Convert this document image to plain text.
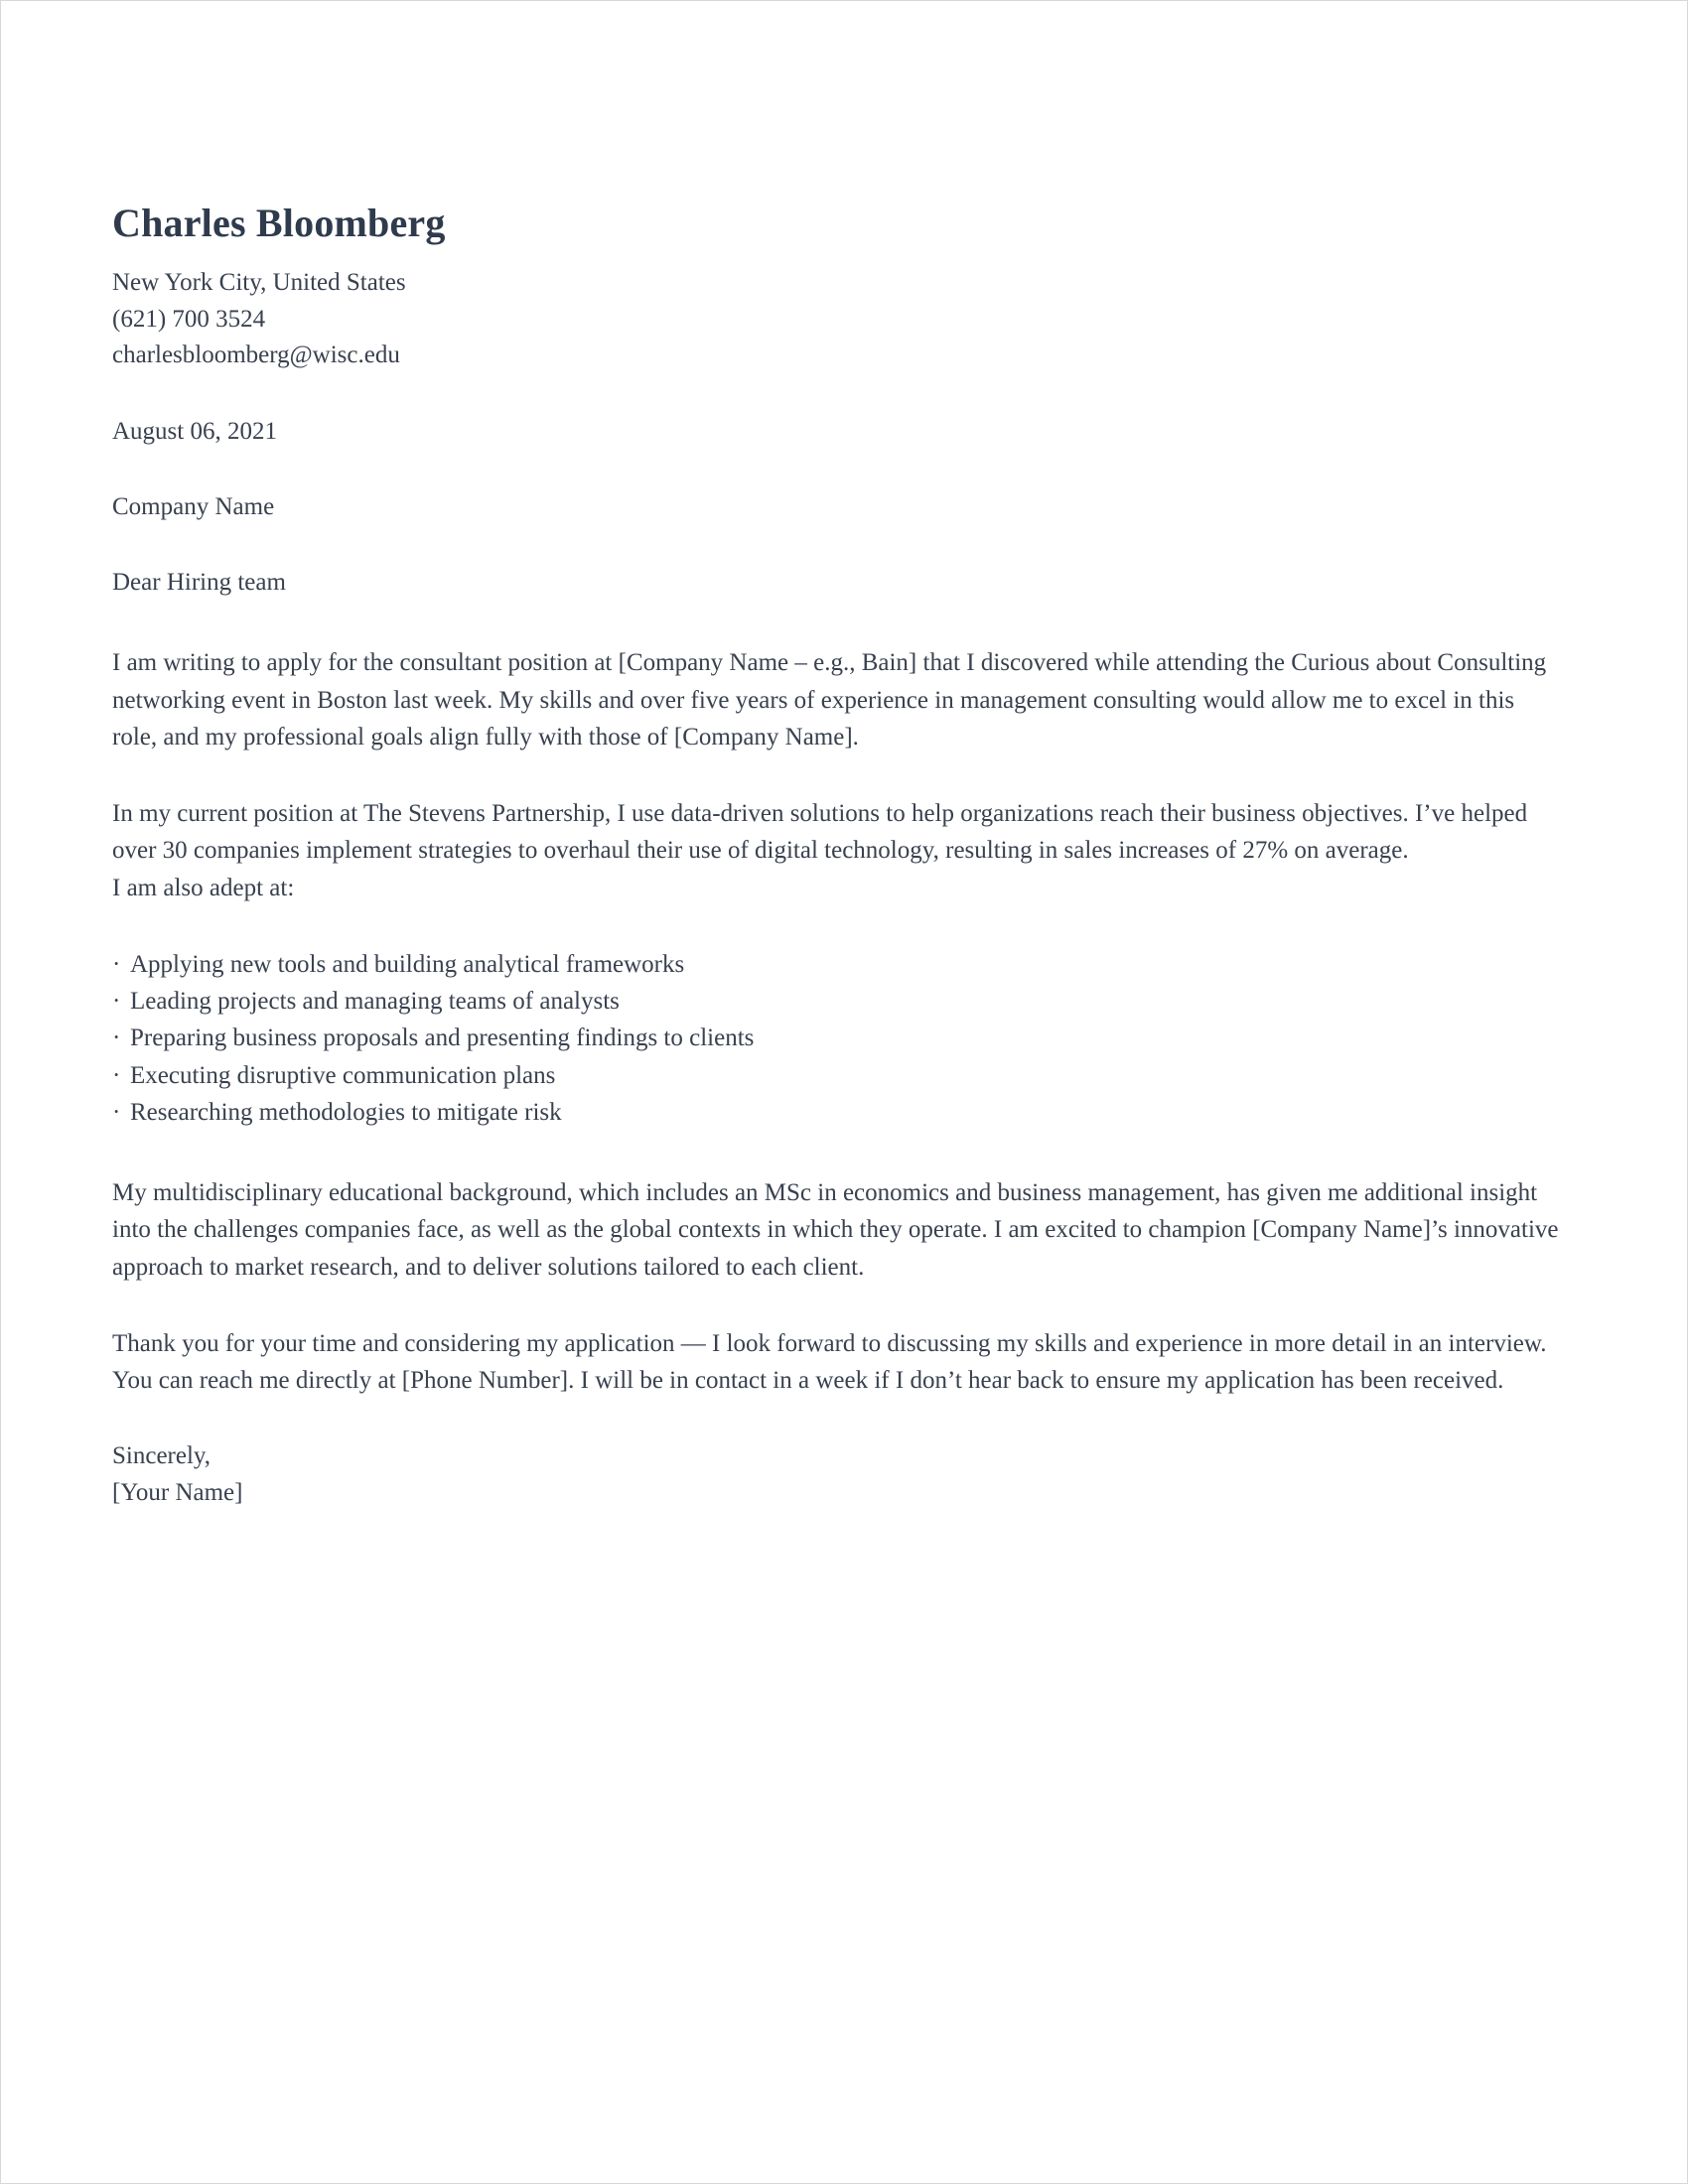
Charles Bloomberg
New York City, United States
(621) 700 3524
charlesbloomberg@wisc.edu
August 06, 2021
Company Name
Dear Hiring team

I am writing to apply for the consultant position at [Company Name – e.g., Bain] that I discovered while attending the Curious about Consulting networking event in Boston last week. My skills and over five years of experience in management consulting would allow me to excel in this role, and my professional goals align fully with those of [Company Name].

In my current position at The Stevens Partnership, I use data-driven solutions to help organizations reach their business objectives. I’ve helped over 30 companies implement strategies to overhaul their use of digital technology, resulting in sales increases of 27% on average.

I am also adept at:

· Applying new tools and building analytical frameworks
· Leading projects and managing teams of analysts
· Preparing business proposals and presenting findings to clients
· Executing disruptive communication plans
· Researching methodologies to mitigate risk

My multidisciplinary educational background, which includes an MSc in economics and business management, has given me additional insight into the challenges companies face, as well as the global contexts in which they operate. I am excited to champion [Company Name]’s innovative approach to market research, and to deliver solutions tailored to each client.

Thank you for your time and considering my application — I look forward to discussing my skills and experience in more detail in an interview. You can reach me directly at [Phone Number]. I will be in contact in a week if I don’t hear back to ensure my application has been received.

Sincerely,
[Your Name]
